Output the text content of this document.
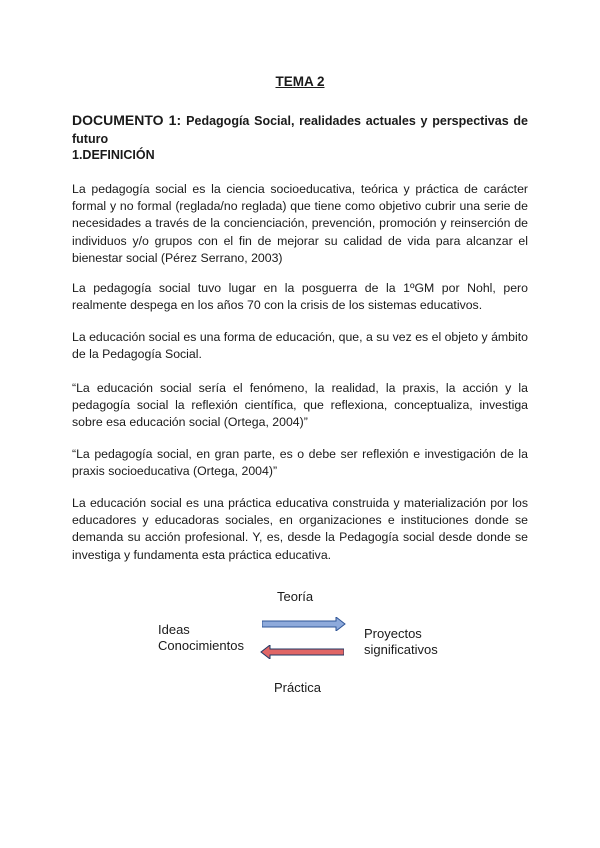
TEMA 2
DOCUMENTO 1: Pedagogía Social, realidades actuales y perspectivas de futuro
1.DEFINICIÓN

La pedagogía social es la ciencia socioeducativa, teórica y práctica de carácter formal y no formal (reglada/no reglada) que tiene como objetivo cubrir una serie de necesidades a través de la concienciación, prevención, promoción y reinserción de individuos y/o grupos con el fin de mejorar su calidad de vida para alcanzar el bienestar social (Pérez Serrano, 2003)

La pedagogía social tuvo lugar en la posguerra de la 1ºGM por Nohl, pero realmente despega en los años 70 con la crisis de los sistemas educativos.

La educación social es una forma de educación, que, a su vez es el objeto y ámbito de la Pedagogía Social.

“La educación social sería el fenómeno, la realidad, la praxis, la acción y la pedagogía social la reflexión científica, que reflexiona, conceptualiza, investiga sobre esa educación social (Ortega, 2004)”

“La pedagogía social, en gran parte, es o debe ser reflexión e investigación de la praxis socioeducativa (Ortega, 2004)”

La educación social es una práctica educativa construida y materialización por los educadores y educadoras sociales, en organizaciones e instituciones donde se demanda su acción profesional. Y, es, desde la Pedagogía social desde donde se investiga y fundamenta esta práctica educativa.

Teoría
Ideas
Conocimientos
Proyectos
significativos
Práctica
